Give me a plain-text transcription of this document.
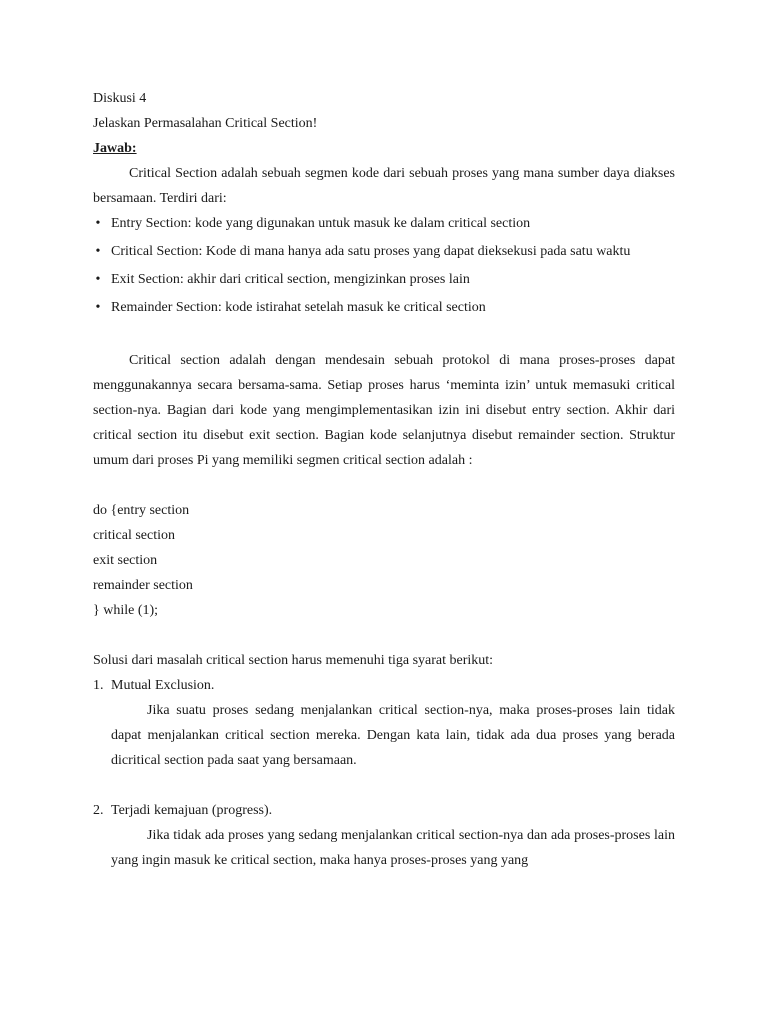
Diskusi 4
Jelaskan Permasalahan Critical Section!
Jawab:

Critical Section adalah sebuah segmen kode dari sebuah proses yang mana sumber daya diakses bersamaan. Terdiri dari:

• Entry Section: kode yang digunakan untuk masuk ke dalam critical section
• Critical Section: Kode di mana hanya ada satu proses yang dapat dieksekusi pada satu waktu
• Exit Section: akhir dari critical section, mengizinkan proses lain
• Remainder Section: kode istirahat setelah masuk ke critical section

Critical section adalah dengan mendesain sebuah protokol di mana proses-proses dapat menggunakannya secara bersama-sama. Setiap proses harus ‘meminta izin’ untuk memasuki critical section-nya. Bagian dari kode yang mengimplementasikan izin ini disebut entry section. Akhir dari critical section itu disebut exit section. Bagian kode selanjutnya disebut remainder section. Struktur umum dari proses Pi yang memiliki segmen critical section adalah :

do {entry section
critical section
exit section
remainder section
} while (1);
Solusi dari masalah critical section harus memenuhi tiga syarat berikut:
1. Mutual Exclusion.

Jika suatu proses sedang menjalankan critical section-nya, maka proses-proses lain tidak dapat menjalankan critical section mereka. Dengan kata lain, tidak ada dua proses yang berada dicritical section pada saat yang bersamaan.

2. Terjadi kemajuan (progress).

Jika tidak ada proses yang sedang menjalankan critical section-nya dan ada proses-proses lain yang ingin masuk ke critical section, maka hanya proses-proses yang yang
